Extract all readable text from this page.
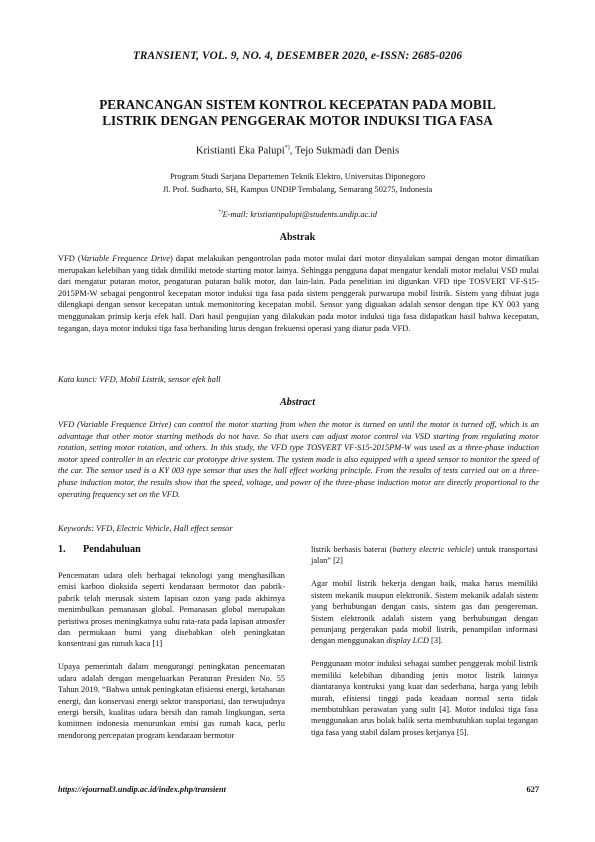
TRANSIENT, VOL. 9, NO. 4, DESEMBER 2020, e-ISSN: 2685-0206
PERANCANGAN SISTEM KONTROL KECEPATAN PADA MOBIL
LISTRIK DENGAN PENGGERAK MOTOR INDUKSI TIGA FASA
Kristianti Eka Palupi*), Tejo Sukmadi dan Denis
Program Studi Sarjana Departemen Teknik Elektro, Universitas Diponegoro
Jl. Prof. Sudharto, SH, Kampus UNDIP Tembalang, Semarang 50275, Indonesia
*)E-mail: kristiantipalupi@students.undip.ac.id
Abstrak
VFD (Variable Frequence Drive) dapat melakukan pengontrolan pada motor mulai dari motor dinyalakan sampai dengan motor dimatikan merupakan kelebihan yang tidak dimiliki metode starting motor lainya. Sehingga pengguna dapat mengatur kendali motor melalui VSD mulai dari mengatur putaran motor, pengaturan putaran balik motor, dan lain-lain. Pada penelitian ini digunkan VFD tipe TOSVERT VF-S15-2015PM-W sebagai pengontrol kecepatan motor induksi tiga fasa pada sistem penggerak purwarupa mobil listrik. Sistem yang dibuat juga dilengkapi dengan sensor kecepatan untuk memonitoring kecepatan mobil. Sensor yang diguakan adalah sensor dengan tipe KY 003 yang menggunakan prinsip kerja efek hall. Dari hasil pengujian yang dilakukan pada motor induksi tiga fasa didapatkan hasil bahwa kecepatan, tegangan, daya motor induksi tiga fasa berbanding lurus dengan frekuensi operasi yang diatur pada VFD.
Kata kunci: VFD, Mobil Listrik, sensor efek hall
Abstract
VFD (Variable Frequence Drive) can control the motor starting from when the motor is turned on until the motor is turned off, which is an advantage that other motor starting methods do not have. So that users can adjust motor control via VSD starting from regulating motor rotation, setting motor rotation, and others. In this study, the VFD type TOSVERT VF-S15-2015PM-W was used as a three-phase induction motor speed controller in an electric car prototype drive system. The system made is also equipped with a speed sensor to monitor the speed of the car. The sensor used is a KY 003 type sensor that uses the hall effect working principle. From the results of tests carried out on a three-phase induction motor, the results show that the speed, voltage, and power of the three-phase induction motor are directly proportional to the operating frequency set on the VFD.
Keywords: VFD, Electric Vehicle, Hall effect sensor
1. Pendahuluan

Pencemaran udara oleh berbagai teknologi yang menghasilkan emisi karbon dioksida seperti kendaraan bermotor dan pabrik-pabrik telah merusak sistem lapisan ozon yang pada akhirnya menimbulkan pemanasan global. Pemanasan global merupakan peristiwa proses meningkatnya suhu rata-rata pada lapisan atmosfer dan permukaan bumi yang disebabkan oleh peningkatan konsentrasi gas rumah kaca [1]

Upaya pemerintah dalam mengurangi peningkatan pencemaran udara adalah dengan mengeluarkan Peraturan Presiden No. 55 Tahun 2019. “Bahwa untuk peningkatan efisiensi energi, ketahanan energi, dan konservasi energi sektor transportasi, dan terwujudnya energi bersih, kualitas udara bersih dan ramah lingkungan, serta komitmen indonesia menurunkan emisi gas rumah kaca, perlu mendorong percepatan program kendaraan bermotor

listrik berbasis baterai (battery electric vehicle) untuk transportasi jalan” [2]

Agar mobil listrik bekerja dengan baik, maka harus memiliki sistem mekanik maupun elektronik. Sistem mekanik adalah sistem yang berhubungan dengan casis, sistem gas dan pengereman. Sistem elektronik adalah sistem yang berhubungan dengan penunjang pergerakan pada mobil listrik, penampilan informasi dengan menggunakan display LCD [3].

Penggunaan motor induksi sebagai sumber penggerak mobil listrik memiliki kelebihan dibanding jenis motor listrik lainnya diantaranya kontruksi yang kuat dan sederhana, harga yang lebih murah, efisiensi tinggi pada keadaan normal serta tidak membutuhkan perawatan yang sulit [4]. Motor induksi tiga fasa menggunakan arus bolak balik serta membutuhkan suplai tegangan tiga fasa yang stabil dalam proses kerjanya [5].

https://ejournal3.undip.ac.id/index.php/transient	627
